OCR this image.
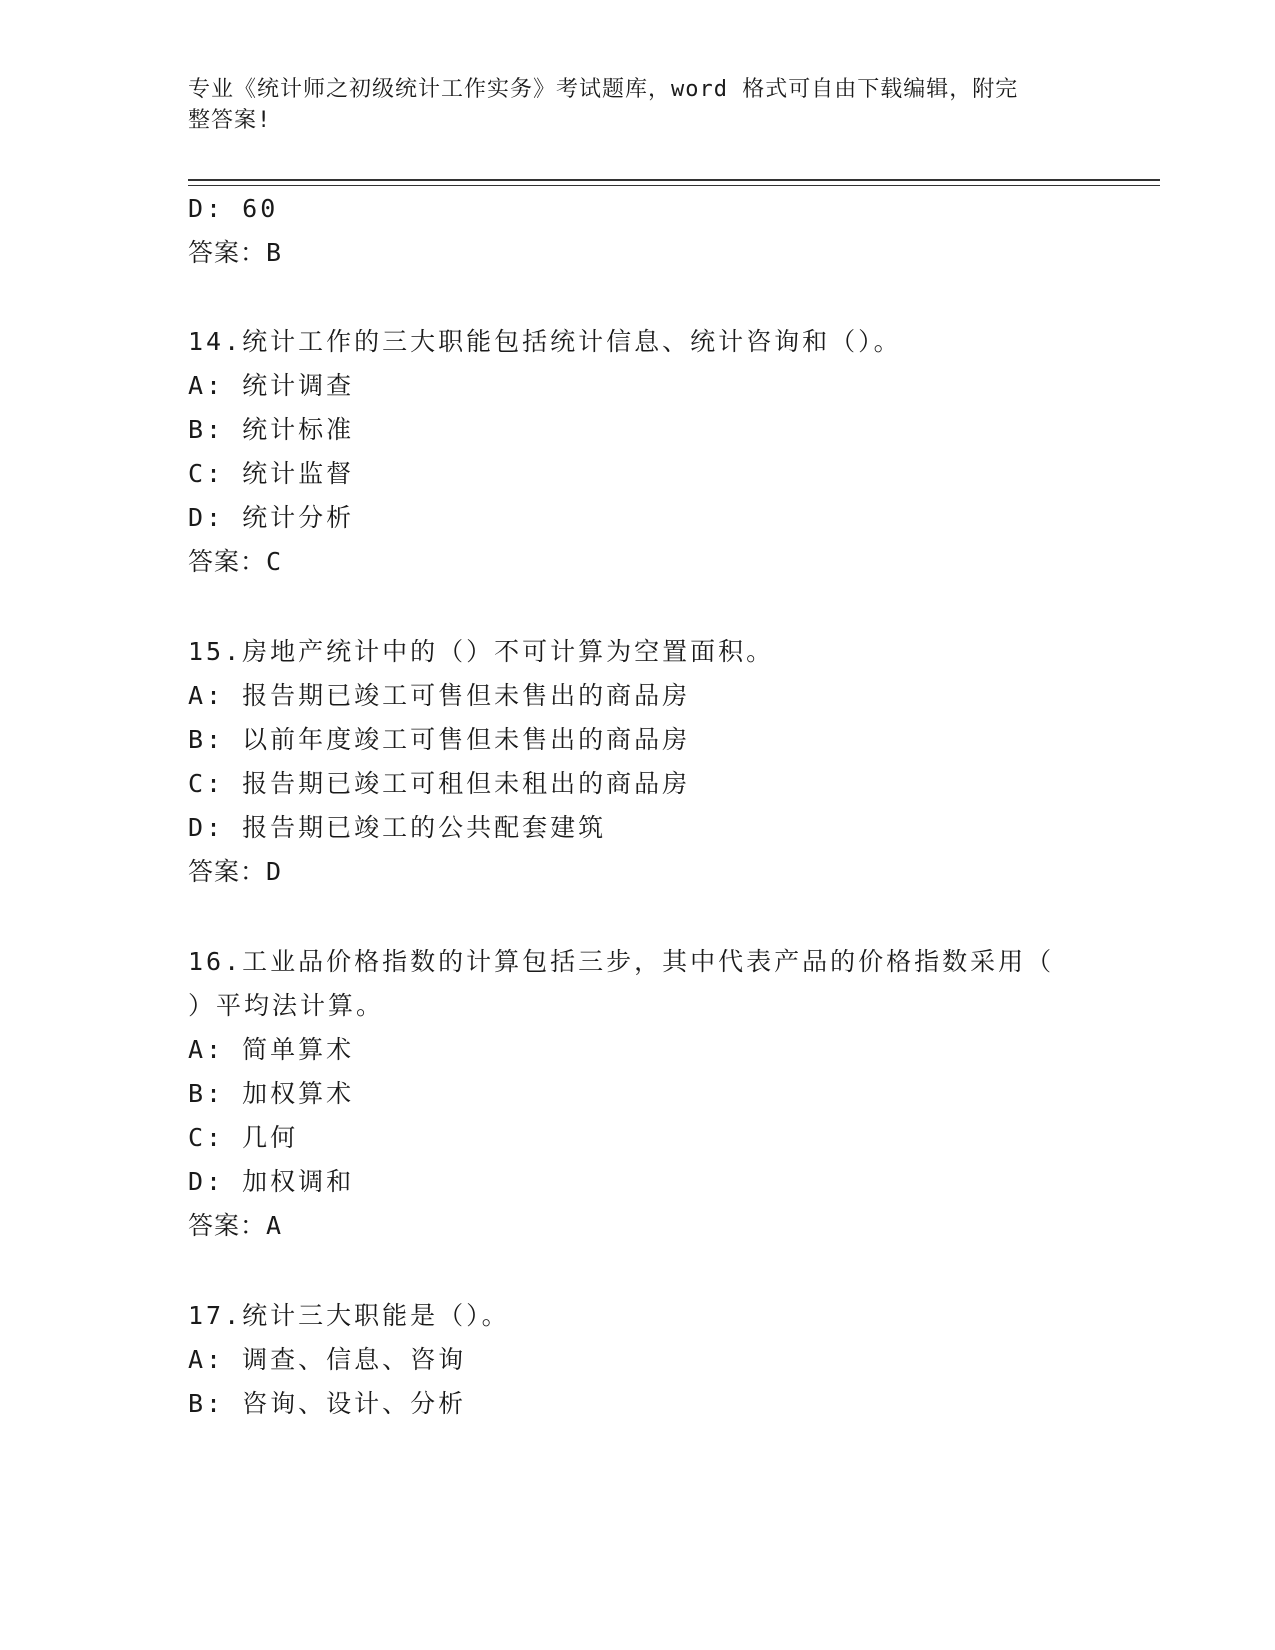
专业《统计师之初级统计工作实务》考试题库，word 格式可自由下载编辑，附完
整答案!
D: 60
答案：B
14.统计工作的三大职能包括统计信息、统计咨询和（）。
A: 统计调查
B: 统计标准
C: 统计监督
D: 统计分析
答案：C
15.房地产统计中的（）不可计算为空置面积。
A: 报告期已竣工可售但未售出的商品房
B: 以前年度竣工可售但未售出的商品房
C: 报告期已竣工可租但未租出的商品房
D: 报告期已竣工的公共配套建筑
答案：D
16.工业品价格指数的计算包括三步，其中代表产品的价格指数采用（
）平均法计算。
A: 简单算术
B: 加权算术
C: 几何
D: 加权调和
答案：A
17.统计三大职能是（）。
A: 调查、信息、咨询
B: 咨询、设计、分析
